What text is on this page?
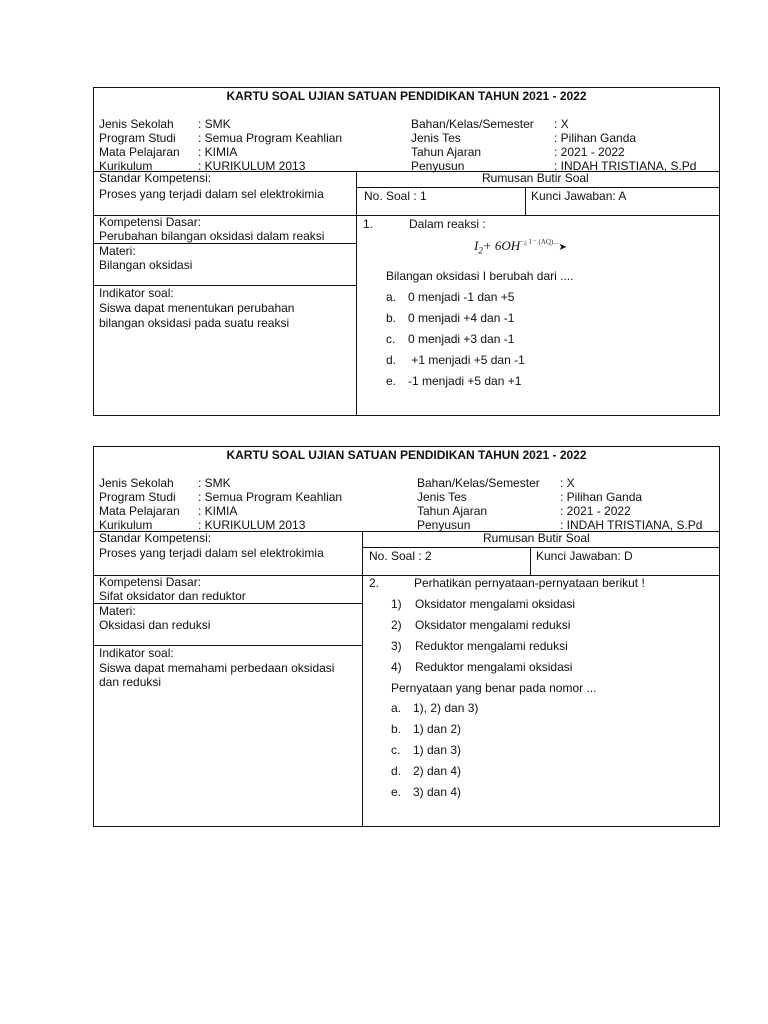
KARTU SOAL UJIAN SATUAN PENDIDIKAN TAHUN 2021 - 2022
Jenis Sekolah : SMK	Bahan/Kelas/Semester : X
Program Studi : Semua Program Keahlian	Jenis Tes	: Pilihan Ganda
Mata Pelajaran : KIMIA	Tahun Ajaran	: 2021 - 2022
Kurikulum	: KURIKULUM 2013	Penyusun	: INDAH TRISTIANA, S.Pd
Standar Kompetensi:
Proses yang terjadi dalam sel elektrokimia
Rumusan Butir Soal
No. Soal : 1	Kunci Jawaban: A
Kompetensi Dasar:
Perubahan bilangan oksidasi dalam reaksi
Materi:
Bilangan oksidasi
Indikator soal:
Siswa dapat menentukan perubahan bilangan oksidasi pada suatu reaksi
1.	Dalam reaksi :
$I_2+$ $6OH^{-¿ I ^- (AQ)...}➤$
Bilangan oksidasi I berubah dari ....
a. 0 menjadi -1 dan +5
b. 0 menjadi +4 dan -1
c. 0 menjadi +3 dan -1
d. +1 menjadi +5 dan -1
e. -1 menjadi +5 dan +1
KARTU SOAL UJIAN SATUAN PENDIDIKAN TAHUN 2021 - 2022
Jenis Sekolah : SMK	Bahan/Kelas/Semester : X
Program Studi : Semua Program Keahlian	Jenis Tes	: Pilihan Ganda
Mata Pelajaran : KIMIA	Tahun Ajaran	: 2021 - 2022
Kurikulum	: KURIKULUM 2013	Penyusun	: INDAH TRISTIANA, S.Pd
Standar Kompetensi:
Proses yang terjadi dalam sel elektrokimia
Rumusan Butir Soal
No. Soal : 2	Kunci Jawaban: D
Kompetensi Dasar:
Sifat oksidator dan reduktor
Materi:
Oksidasi dan reduksi
Indikator soal:
Siswa dapat memahami perbedaan oksidasi dan reduksi
2.	Perhatikan pernyataan-pernyataan berikut !
1) Oksidator mengalami oksidasi
2) Oksidator mengalami reduksi
3) Reduktor mengalami reduksi
4) Reduktor mengalami oksidasi
Pernyataan yang benar pada nomor ...
a. 1), 2) dan 3)
b. 1) dan 2)
c. 1) dan 3)
d. 2) dan 4)
e. 3) dan 4)
